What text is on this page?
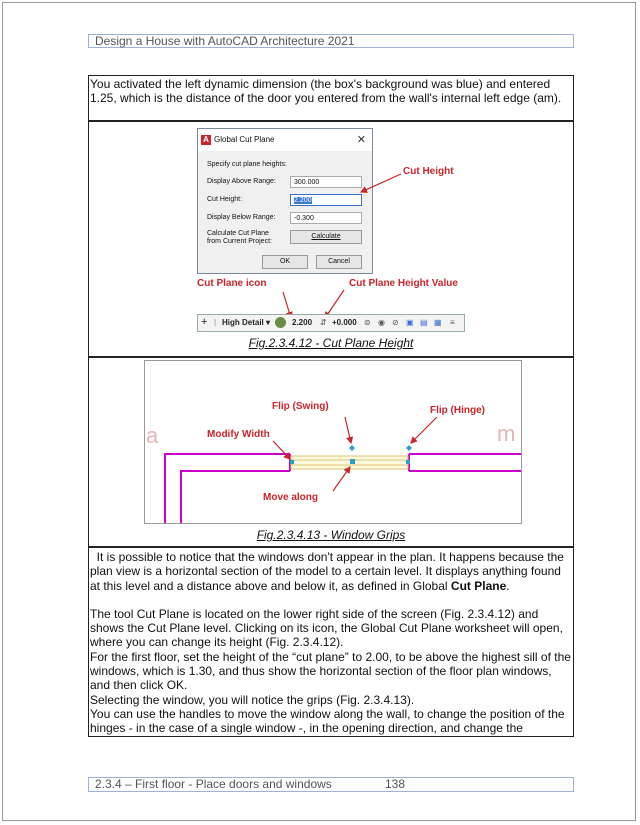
Design a House with AutoCAD Architecture 2021
You activated the left dynamic dimension (the box's background was blue) and entered 1.25, which is the distance of the door you entered from the wall's internal left edge (am).
A Global Cut Plane	✕
Specify cut plane heights:
Display Above Range:	300.000
Cut Height:	2.200
Display Below Range:	-0.300
Calculate Cut Plane
from Current Project:
Calculate
OK	Cancel
Cut Height
Cut Plane icon	Cut Plane Height Value
+ | High Detail ▾	2.200 ⇵ +0.000 ⊜ ◉ ⊘ ▣ ▤ ▦ ≡
Fig.2.3.4.12 - Cut Plane Height
a	m
Flip (Swing)	Flip (Hinge)
Modify Width
Move along
Fig.2.3.4.13 - Window Grips
It is possible to notice that the windows don't appear in the plan. It happens because the plan view is a horizontal section of the model to a certain level. It displays anything found at this level and a distance above and below it, as defined in Global Cut Plane.
The tool Cut Plane is located on the lower right side of the screen (Fig. 2.3.4.12) and shows the Cut Plane level. Clicking on its icon, the Global Cut Plane worksheet will open, where you can change its height (Fig. 2.3.4.12).
For the first floor, set the height of the “cut plane” to 2.00, to be above the highest sill of the windows, which is 1.30, and thus show the horizontal section of the floor plan windows, and then click OK.
Selecting the window, you will notice the grips (Fig. 2.3.4.13).
You can use the handles to move the window along the wall, to change the position of the hinges - in the case of a single window -, in the opening direction, and change the
2.3.4 – First floor - Place doors and windows	138
